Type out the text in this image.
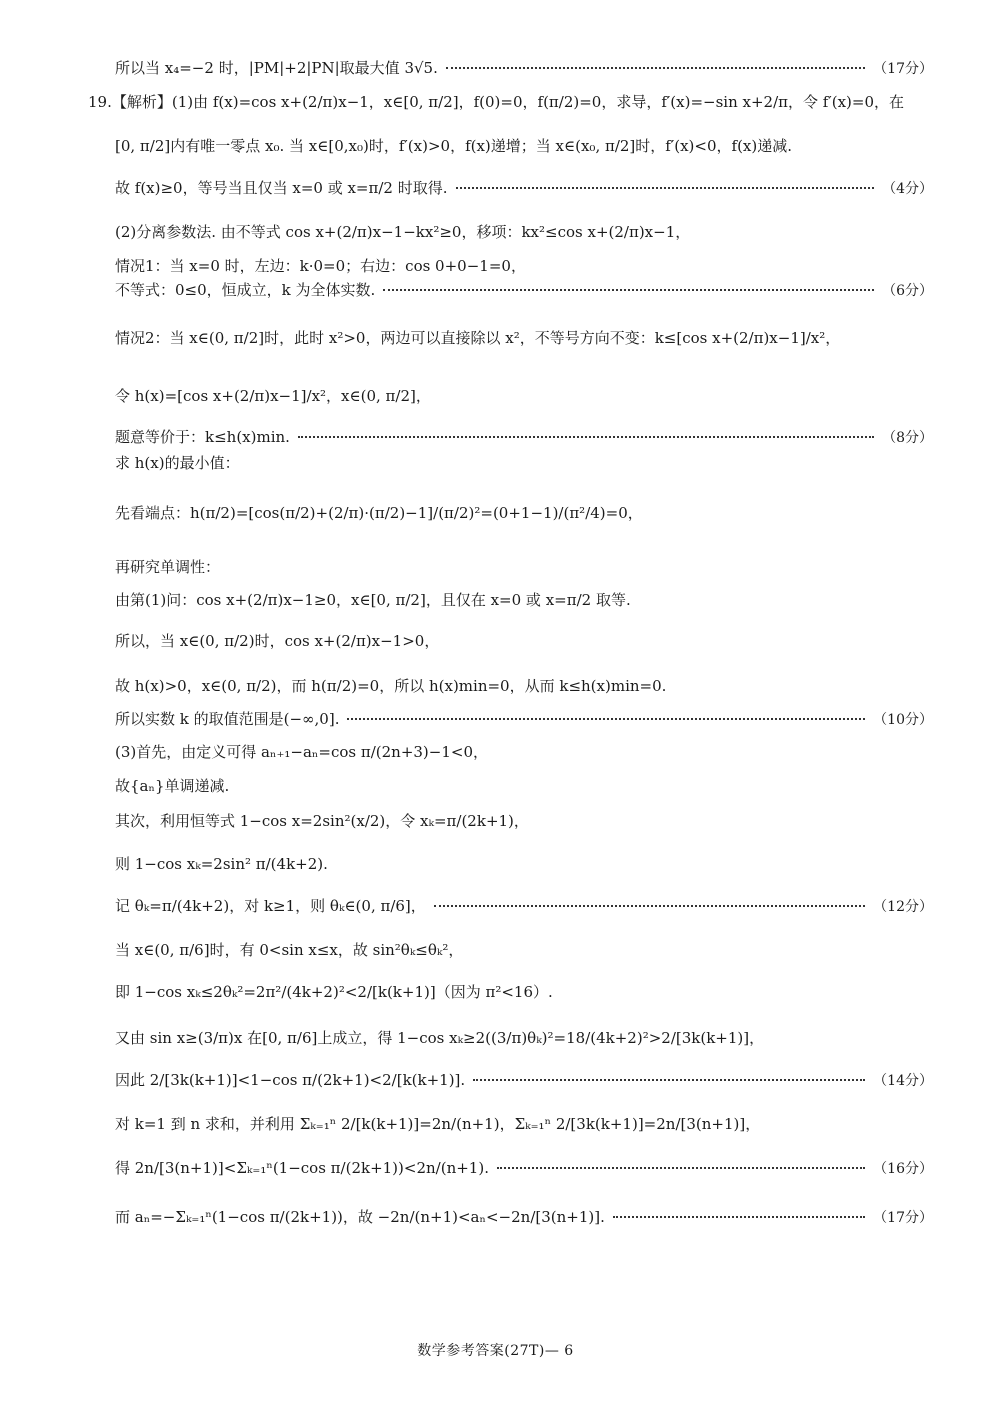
所以当 x₄=−2 时，|PM|+2|PN|取最大值 3√5.	（17分）
19.【解析】(1)由 f(x)=cos x+(2/π)x−1，x∈[0, π/2]，f(0)=0，f(π/2)=0，求导，f′(x)=−sin x+2/π，令 f′(x)=0，在
[0, π/2]内有唯一零点 x₀. 当 x∈[0,x₀)时，f′(x)>0，f(x)递增；当 x∈(x₀, π/2]时，f′(x)<0，f(x)递减.
故 f(x)≥0，等号当且仅当 x=0 或 x=π/2 时取得.	（4分）
(2)分离参数法. 由不等式 cos x+(2/π)x−1−kx²≥0，移项：kx²≤cos x+(2/π)x−1，
情况1：当 x=0 时，左边：k·0=0；右边：cos 0+0−1=0，
不等式：0≤0，恒成立，k 为全体实数.	（6分）
情况2：当 x∈(0, π/2]时，此时 x²>0，两边可以直接除以 x²，不等号方向不变：k≤[cos x+(2/π)x−1]/x²，
令 h(x)=[cos x+(2/π)x−1]/x²，x∈(0, π/2]，
题意等价于：k≤h(x)min.	（8分）
求 h(x)的最小值：
先看端点：h(π/2)=[cos(π/2)+(2/π)·(π/2)−1]/(π/2)²=(0+1−1)/(π²/4)=0，
再研究单调性：
由第(1)问：cos x+(2/π)x−1≥0，x∈[0, π/2]，且仅在 x=0 或 x=π/2 取等.
所以，当 x∈(0, π/2)时，cos x+(2/π)x−1>0，
故 h(x)>0，x∈(0, π/2)，而 h(π/2)=0，所以 h(x)min=0，从而 k≤h(x)min=0.
所以实数 k 的取值范围是(−∞,0].	（10分）
(3)首先，由定义可得 aₙ₊₁−aₙ=cos π/(2n+3)−1<0，
故{aₙ}单调递减.
其次，利用恒等式 1−cos x=2sin²(x/2)，令 xₖ=π/(2k+1)，
则 1−cos xₖ=2sin² π/(4k+2).
记 θₖ=π/(4k+2)，对 k≥1，则 θₖ∈(0, π/6]，	（12分）
当 x∈(0, π/6]时，有 0<sin x≤x，故 sin²θₖ≤θₖ²，
即 1−cos xₖ≤2θₖ²=2π²/(4k+2)²<2/[k(k+1)]（因为 π²<16）.
又由 sin x≥(3/π)x 在[0, π/6]上成立，得 1−cos xₖ≥2((3/π)θₖ)²=18/(4k+2)²>2/[3k(k+1)]，
因此 2/[3k(k+1)]<1−cos π/(2k+1)<2/[k(k+1)].	（14分）
对 k=1 到 n 求和，并利用 Σₖ₌₁ⁿ 2/[k(k+1)]=2n/(n+1)，Σₖ₌₁ⁿ 2/[3k(k+1)]=2n/[3(n+1)]，
得 2n/[3(n+1)]<Σₖ₌₁ⁿ(1−cos π/(2k+1))<2n/(n+1).	（16分）
而 aₙ=−Σₖ₌₁ⁿ(1−cos π/(2k+1))，故 −2n/(n+1)<aₙ<−2n/[3(n+1)].	（17分）
数学参考答案(27T)— 6
